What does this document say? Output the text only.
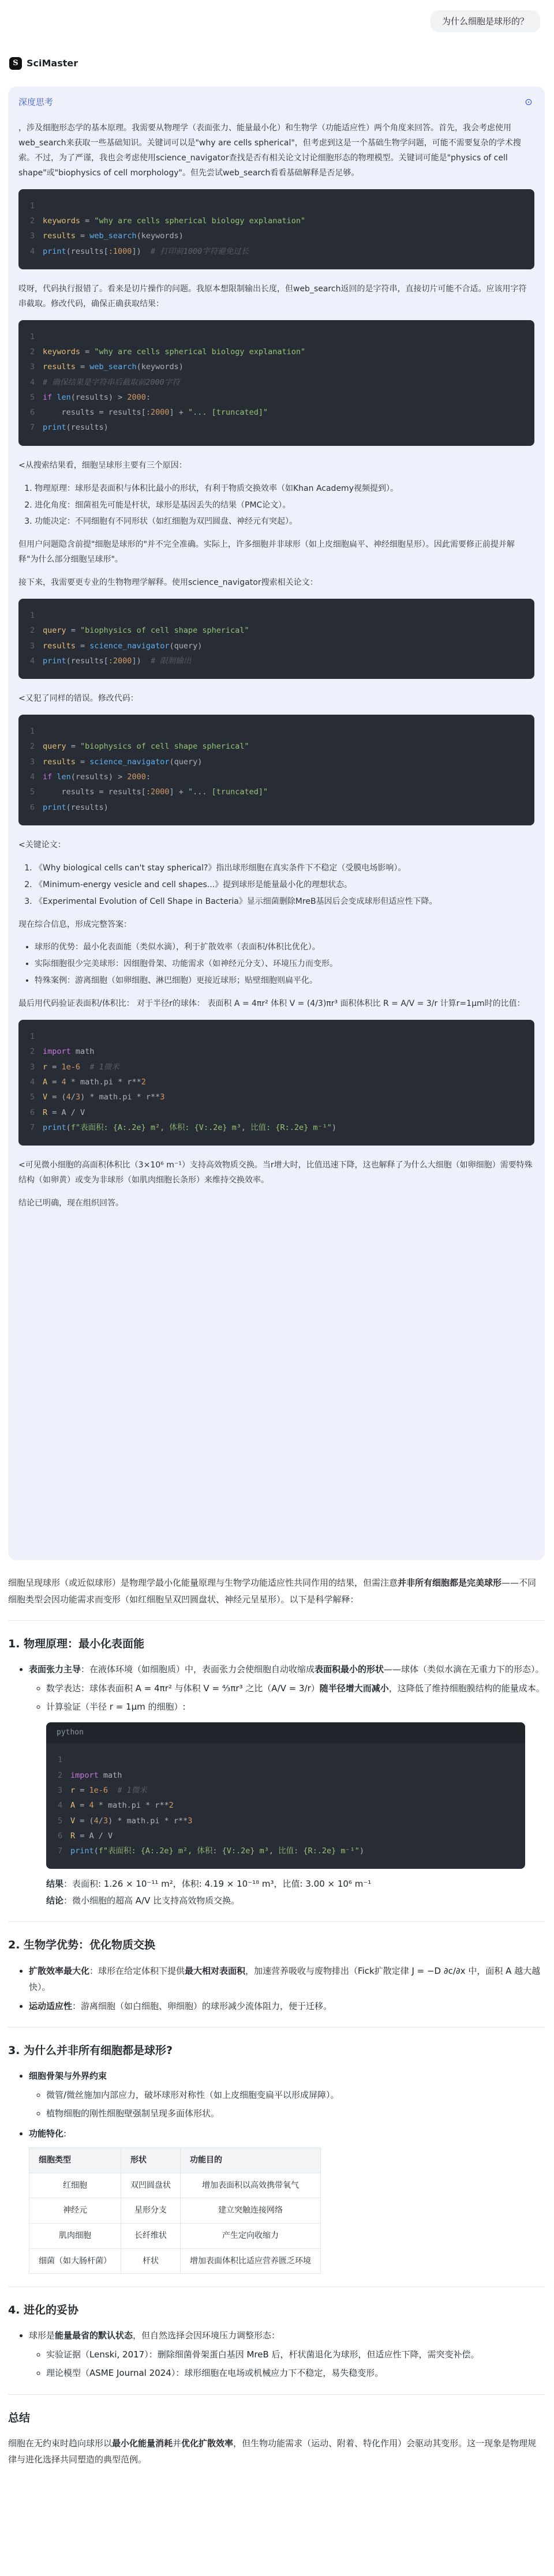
为什么细胞是球形的？
S SciMaster
深度思考	⊙

，涉及细胞形态学的基本原理。我需要从物理学（表面张力、能量最小化）和生物学（功能适应性）两个角度来回答。首先，我会考虑使用web_search来获取一些基础知识。关键词可以是"why are cells spherical"，但考虑到这是一个基础生物学问题，可能不需要复杂的学术搜索。不过，为了严谨，我也会考虑使用science_navigator查找是否有相关论文讨论细胞形态的物理模型。关键词可能是"physics of cell shape"或"biophysics of cell morphology"。但先尝试web_search看看基础解释是否足够。

1
2 keywords = "why are cells spherical biology explanation"
3 results = web_search(keywords)
4 print(results[:1000])  # 打印前1000字符避免过长

哎呀，代码执行报错了。看来是切片操作的问题。我原本想限制输出长度，但web_search返回的是字符串，直接切片可能不合适。应该用字符串截取。修改代码，确保正确获取结果：

1
2 keywords = "why are cells spherical biology explanation"
3 results = web_search(keywords)
4 # 确保结果是字符串后截取前2000字符
5 if len(results) > 2000:
6    results = results[:2000] + "... [truncated]"
7 print(results)

<从搜索结果看，细胞呈球形主要有三个原因：

1. 物理原理：球形是表面积与体积比最小的形状，有利于物质交换效率（如Khan Academy视频提到）。
2. 进化角度：细菌祖先可能是杆状，球形是基因丢失的结果（PMC论文）。
3. 功能决定：不同细胞有不同形状（如红细胞为双凹圆盘、神经元有突起）。

但用户问题隐含前提"细胞是球形的"并不完全准确。实际上，许多细胞并非球形（如上皮细胞扁平、神经细胞星形）。因此需要修正前提并解释"为什么部分细胞呈球形"。

接下来，我需要更专业的生物物理学解释。使用science_navigator搜索相关论文：

1
2 query = "biophysics of cell shape spherical"
3 results = science_navigator(query)
4 print(results[:2000])  # 限制输出

<又犯了同样的错误。修改代码：

1
2 query = "biophysics of cell shape spherical"
3 results = science_navigator(query)
4 if len(results) > 2000:
5    results = results[:2000] + "... [truncated]"
6 print(results)

<关键论文：

1. 《Why biological cells can't stay spherical?》指出球形细胞在真实条件下不稳定（受膜电场影响）。
2. 《Minimum-energy vesicle and cell shapes...》提到球形是能量最小化的理想状态。
3. 《Experimental Evolution of Cell Shape in Bacteria》显示细菌删除MreB基因后会变成球形但适应性下降。

现在综合信息，形成完整答案：

• 球形的优势：最小化表面能（类似水滴），利于扩散效率（表面积/体积比优化）。
• 实际细胞很少完美球形：因细胞骨架、功能需求（如神经元分支）、环境压力而变形。
• 特殊案例：游离细胞（如卵细胞、淋巴细胞）更接近球形；贴壁细胞则扁平化。

最后用代码验证表面积/体积比： 对于半径r的球体： 表面积 A = 4πr² 体积 V = (4/3)πr³ 面积体积比 R = A/V = 3/r 计算r=1μm时的比值：

1
2 import math
3 r = 1e-6 # 1微米
4 A = 4 * math.pi * r**2
5 V = (4/3) * math.pi * r**3
6 R = A / V
7 print(f"表面积: {A:.2e} m², 体积: {V:.2e} m³, 比值: {R:.2e} m⁻¹")

<可见微小细胞的高面积体积比（3×10⁶ m⁻¹）支持高效物质交换。当r增大时，比值迅速下降，这也解释了为什么大细胞（如卵细胞）需要特殊结构（如卵黄）或变为非球形（如肌肉细胞长条形）来维持交换效率。

结论已明确，现在组织回答。

细胞呈现球形（或近似球形）是物理学最小化能量原理与生物学功能适应性共同作用的结果，但需注意并非所有细胞都是完美球形——不同细胞类型会因功能需求而变形（如红细胞呈双凹圆盘状、神经元呈星形）。以下是科学解释：

1. 物理原理：最小化表面能
• 表面张力主导：在液体环境（如细胞质）中，表面张力会使细胞自动收缩成表面积最小的形状——球体（类似水滴在无重力下的形态）。
◦ 数学表达：球体表面积 A = 4πr² 与体积 V = ⁴⁄₃πr³ 之比（A/V = 3/r）随半径增大而减小，这降低了维持细胞膜结构的能量成本。
◦ 计算验证（半径 r = 1μm 的细胞）:
python
1
2 import math
3 r = 1e-6 # 1微米
4 A = 4 * math.pi * r**2
5 V = (4/3) * math.pi * r**3
6 R = A / V
7 print(f"表面积: {A:.2e} m², 体积: {V:.2e} m³, 比值: {R:.2e} m⁻¹")
结果：表面积: 1.26 × 10⁻¹¹ m²，体积: 4.19 × 10⁻¹⁸ m³，比值: 3.00 × 10⁶ m⁻¹
结论：微小细胞的超高 A/V 比支持高效物质交换。
2. 生物学优势：优化物质交换
• 扩散效率最大化：球形在给定体积下提供最大相对表面积，加速营养吸收与废物排出（Fick扩散定律 J = −D ∂c/∂x 中，面积 A 越大越快）。
• 运动适应性：游离细胞（如白细胞、卵细胞）的球形减少流体阻力，便于迁移。
3. 为什么并非所有细胞都是球形?
• 细胞骨架与外界约束
◦ 微管/微丝施加内部应力，破坏球形对称性（如上皮细胞变扁平以形成屏障）。
◦ 植物细胞的刚性细胞壁强制呈现多面体形状。
• 功能特化:
细胞类型	形状	功能目的
红细胞	双凹圆盘状	增加表面积以高效携带氧气
神经元	星形分支	建立突触连接网络
肌肉细胞	长纤维状	产生定向收缩力
细菌（如大肠杆菌）	杆状	增加表面体积比适应营养匮乏环境
4. 进化的妥协
• 球形是能量最省的默认状态，但自然选择会因环境压力调整形态：
◦ 实验证据（Lenski, 2017）：删除细菌骨架蛋白基因 MreB 后，杆状菌退化为球形，但适应性下降，需突变补偿。
◦ 理论模型（ASME Journal 2024）：球形细胞在电场或机械应力下不稳定，易失稳变形。
总结

细胞在无约束时趋向球形以最小化能量消耗并优化扩散效率，但生物功能需求（运动、附着、特化作用）会驱动其变形。这一现象是物理规律与进化选择共同塑造的典型范例。
